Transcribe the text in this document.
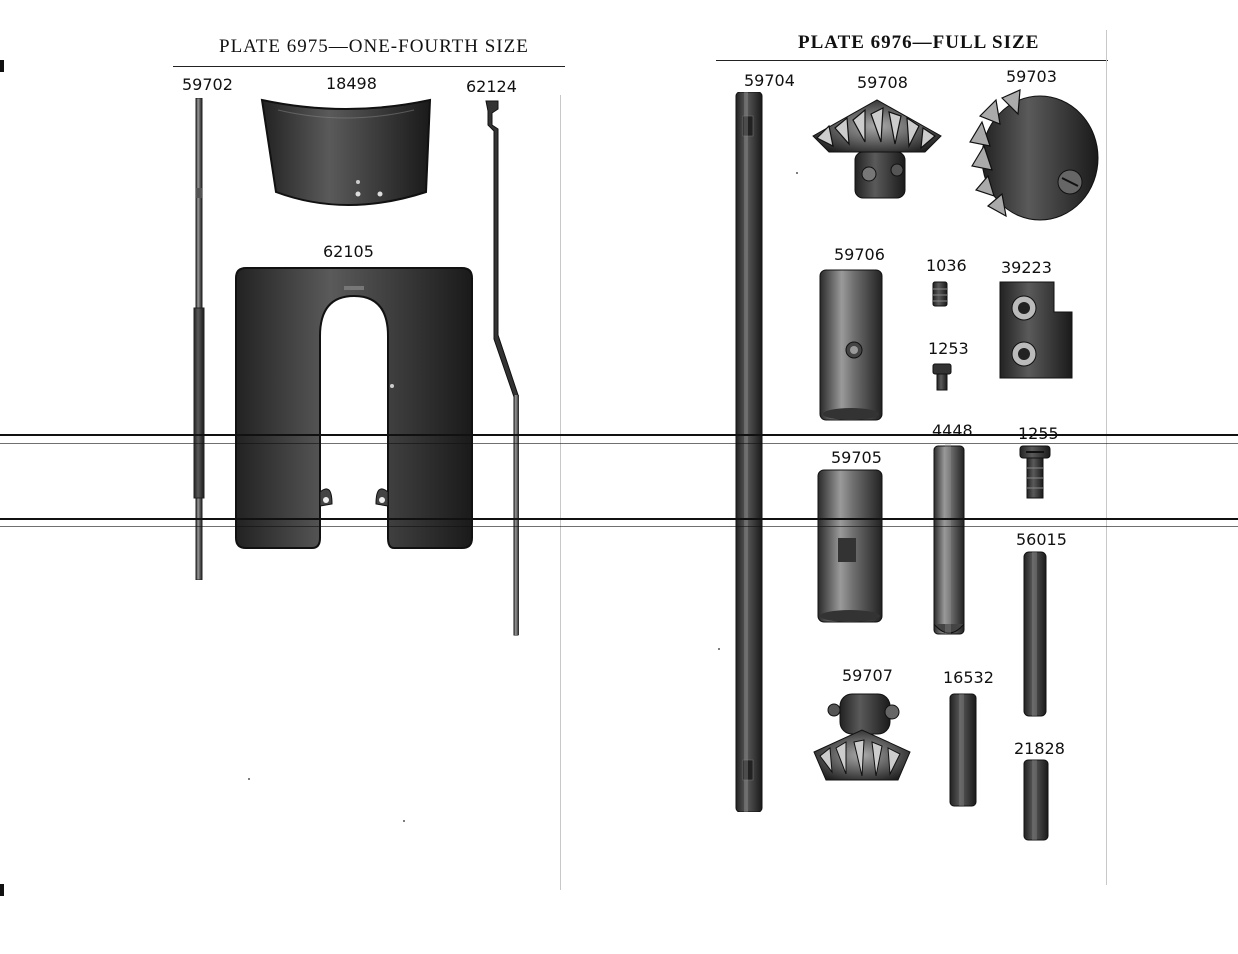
PLATE 6975—ONE-FOURTH SIZE
59702	18498	62124
62105
PLATE 6976—FULL SIZE
59704	59708	59703
59706
1036 39223
1253
4448	1255
59705
56015
59707	16532
21828
